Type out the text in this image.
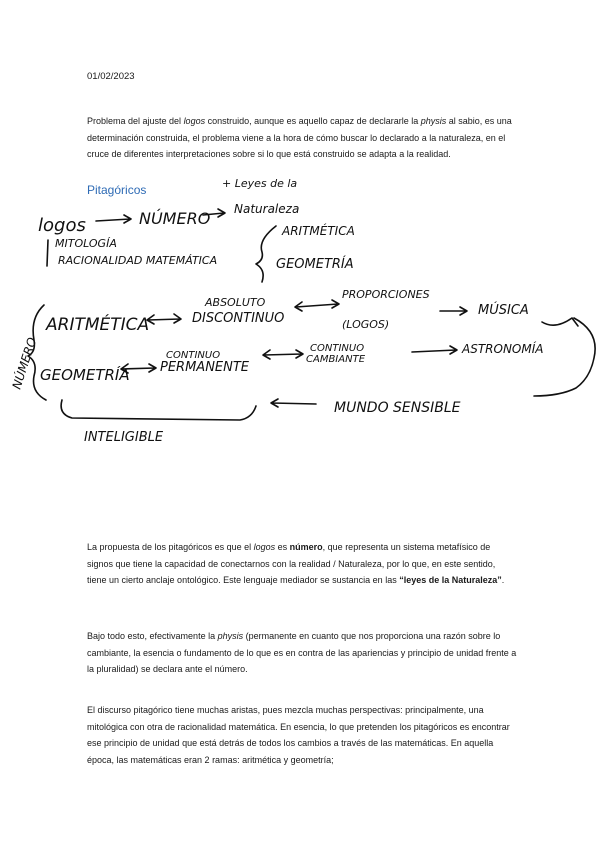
01/02/2023

Problema del ajuste del logos construido, aunque es aquello capaz de declararle la physis al sabio, es una determinación construida, el problema viene a la hora de cómo buscar lo declarado a la naturaleza, en el cruce de diferentes interpretaciones sobre si lo que está construido se adapta a la realidad.

Pitagóricos
logos	NÚMERO
+ Leyes de la
Naturaleza
MITOLOGÍA
RACIONALIDAD MATEMÁTICA
ARITMÉTICA
GEOMETRÍA
NÚMERO
ARITMÉTICA
ABSOLUTO
DISCONTINUO
PROPORCIONES
(LOGOS)
MÚSICA
GEOMETRÍA
CONTINUO
PERMANENTE
CONTINUO
CAMBIANTE
ASTRONOMÍA
INTELIGIBLE
MUNDO SENSIBLE

La propuesta de los pitagóricos es que el logos es número, que representa un sistema metafísico de signos que tiene la capacidad de conectarnos con la realidad / Naturaleza, por lo que, en este sentido, tiene un cierto anclaje ontológico. Este lenguaje mediador se sustancia en las “leyes de la Naturaleza”.

Bajo todo esto, efectivamente la physis (permanente en cuanto que nos proporciona una razón sobre lo cambiante, la esencia o fundamento de lo que es en contra de las apariencias y principio de unidad frente a la pluralidad) se declara ante el número.

El discurso pitagórico tiene muchas aristas, pues mezcla muchas perspectivas: principalmente, una mitológica con otra de racionalidad matemática. En esencia, lo que pretenden los pitagóricos es encontrar ese principio de unidad que está detrás de todos los cambios a través de las matemáticas. En aquella época, las matemáticas eran 2 ramas: aritmética y geometría;
